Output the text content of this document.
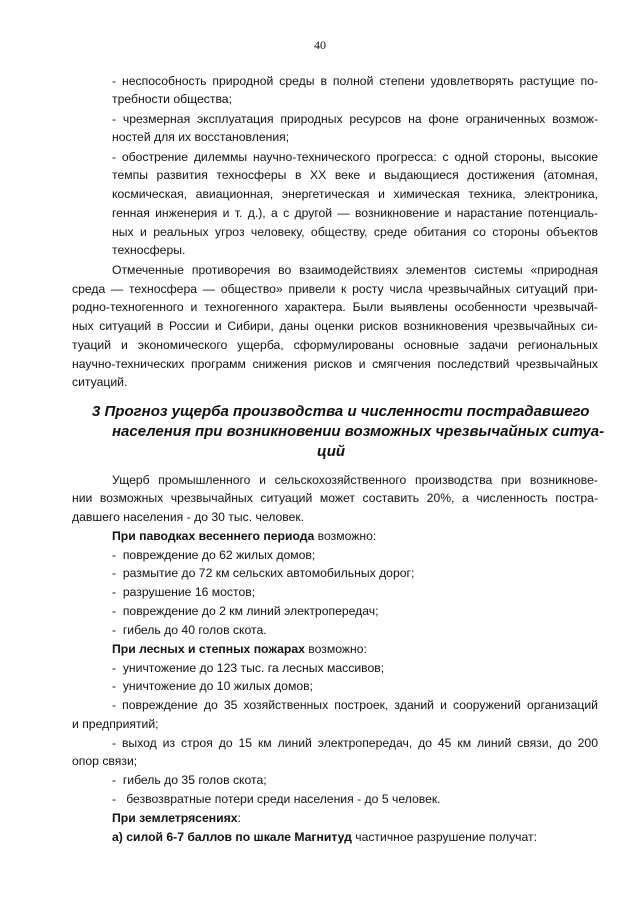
40
- неспособность природной среды в полной степени удовлетворять растущие по-
требности общества;
- чрезмерная эксплуатация природных ресурсов на фоне ограниченных возмож-
ностей для их восстановления;
- обострение дилеммы научно-технического прогресса: с одной стороны, высокие
темпы развития техносферы в XX веке и выдающиеся достижения (атомная,
космическая, авиационная, энергетическая и химическая техника, электроника,
генная инженерия и т. д.), а с другой — возникновение и нарастание потенциаль-
ных и реальных угроз человеку, обществу, среде обитания со стороны объектов
техносферы.
Отмеченные противоречия во взаимодействиях элементов системы «природная
среда — техносфера — общество» привели к росту числа чрезвычайных ситуаций при-
родно-техногенного и техногенного характера. Были выявлены особенности чрезвычай-
ных ситуаций в России и Сибири, даны оценки рисков возникновения чрезвычайных си-
туаций и экономического ущерба, сформулированы основные задачи региональных
научно-технических программ снижения рисков и смягчения последствий чрезвычайных
ситуаций.
3 Прогноз ущерба производства и численности пострадавшего
населения при возникновении возможных чрезвычайных ситуа-
ций
Ущерб промышленного и сельскохозяйственного производства при возникнове-
нии возможных чрезвычайных ситуаций может составить 20%, а численность постра-
давшего населения - до 30 тыс. человек.
При паводках весеннего периода возможно:
-  повреждение до 62 жилых домов;
-  размытие до 72 км сельских автомобильных дорог;
-  разрушение 16 мостов;
-  повреждение до 2 км линий электропередач;
-  гибель до 40 голов скота.
При лесных и степных пожарах возможно:
-  уничтожение до 123 тыс. га лесных массивов;
-  уничтожение до 10 жилых домов;
- повреждение до 35 хозяйственных построек, зданий и сооружений организаций
и предприятий;
- выход из строя до 15 км линий электропередач, до 45 км линий связи, до 200
опор связи;
-  гибель до 35 голов скота;
-   безвозвратные потери среди населения - до 5 человек.
При землетрясениях:
а) силой 6-7 баллов по шкале Магнитуд частичное разрушение получат:
